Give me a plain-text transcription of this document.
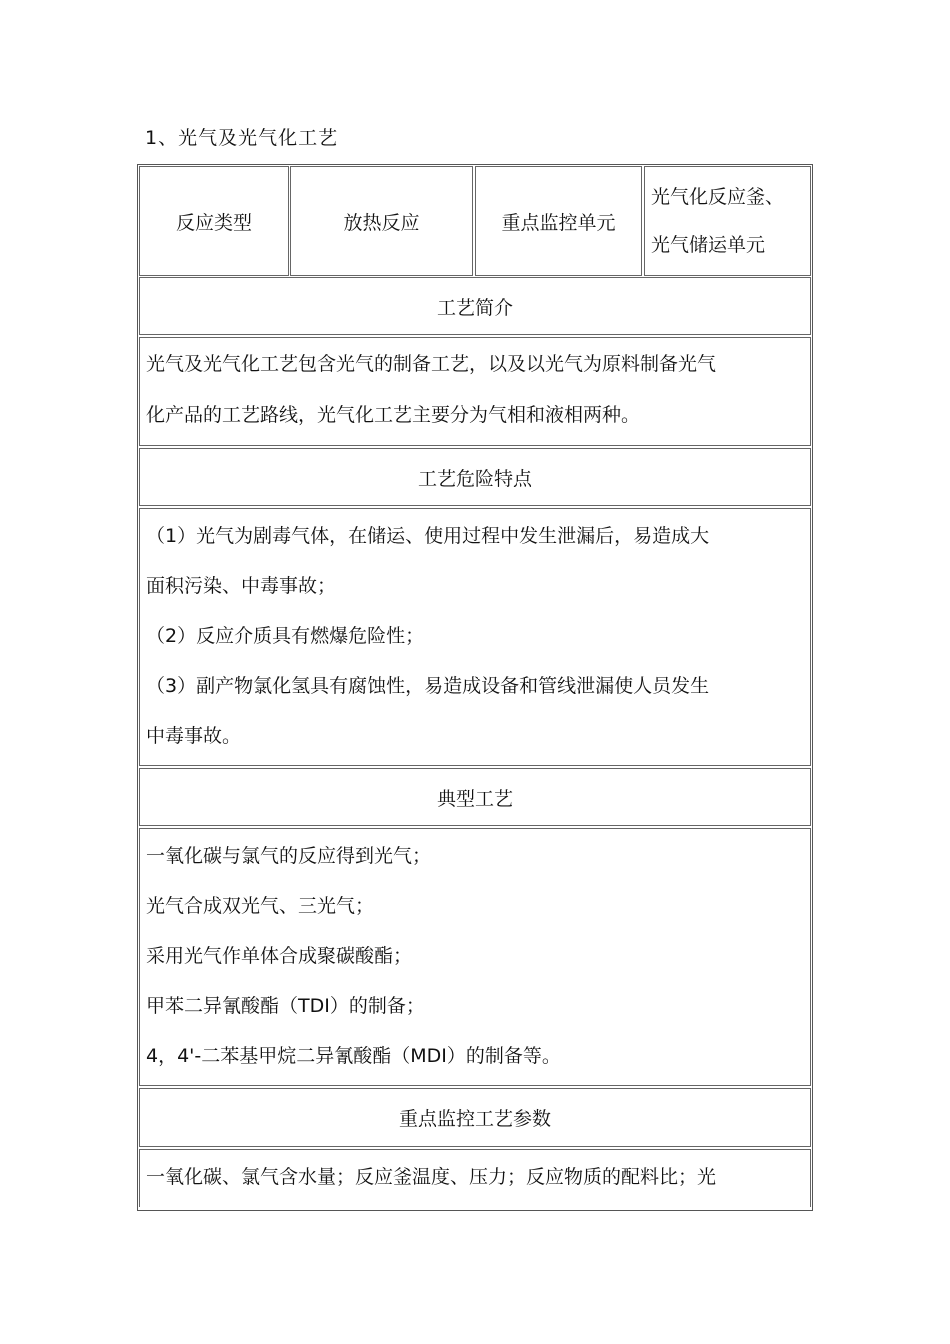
1、光气及光气化工艺
反应类型	放热反应	重点监控单元
光气化反应釜、
光气储运单元
工艺简介
光气及光气化工艺包含光气的制备工艺，以及以光气为原料制备光气
化产品的工艺路线，光气化工艺主要分为气相和液相两种。
工艺危险特点
（1）光气为剧毒气体，在储运、使用过程中发生泄漏后，易造成大
面积污染、中毒事故；
（2）反应介质具有燃爆危险性；
（3）副产物氯化氢具有腐蚀性，易造成设备和管线泄漏使人员发生
中毒事故。
典型工艺
一氧化碳与氯气的反应得到光气；
光气合成双光气、三光气；
采用光气作单体合成聚碳酸酯；
甲苯二异氰酸酯（TDI）的制备；
4，4'-二苯基甲烷二异氰酸酯（MDI）的制备等。
重点监控工艺参数
一氧化碳、氯气含水量；反应釜温度、压力；反应物质的配料比；光
